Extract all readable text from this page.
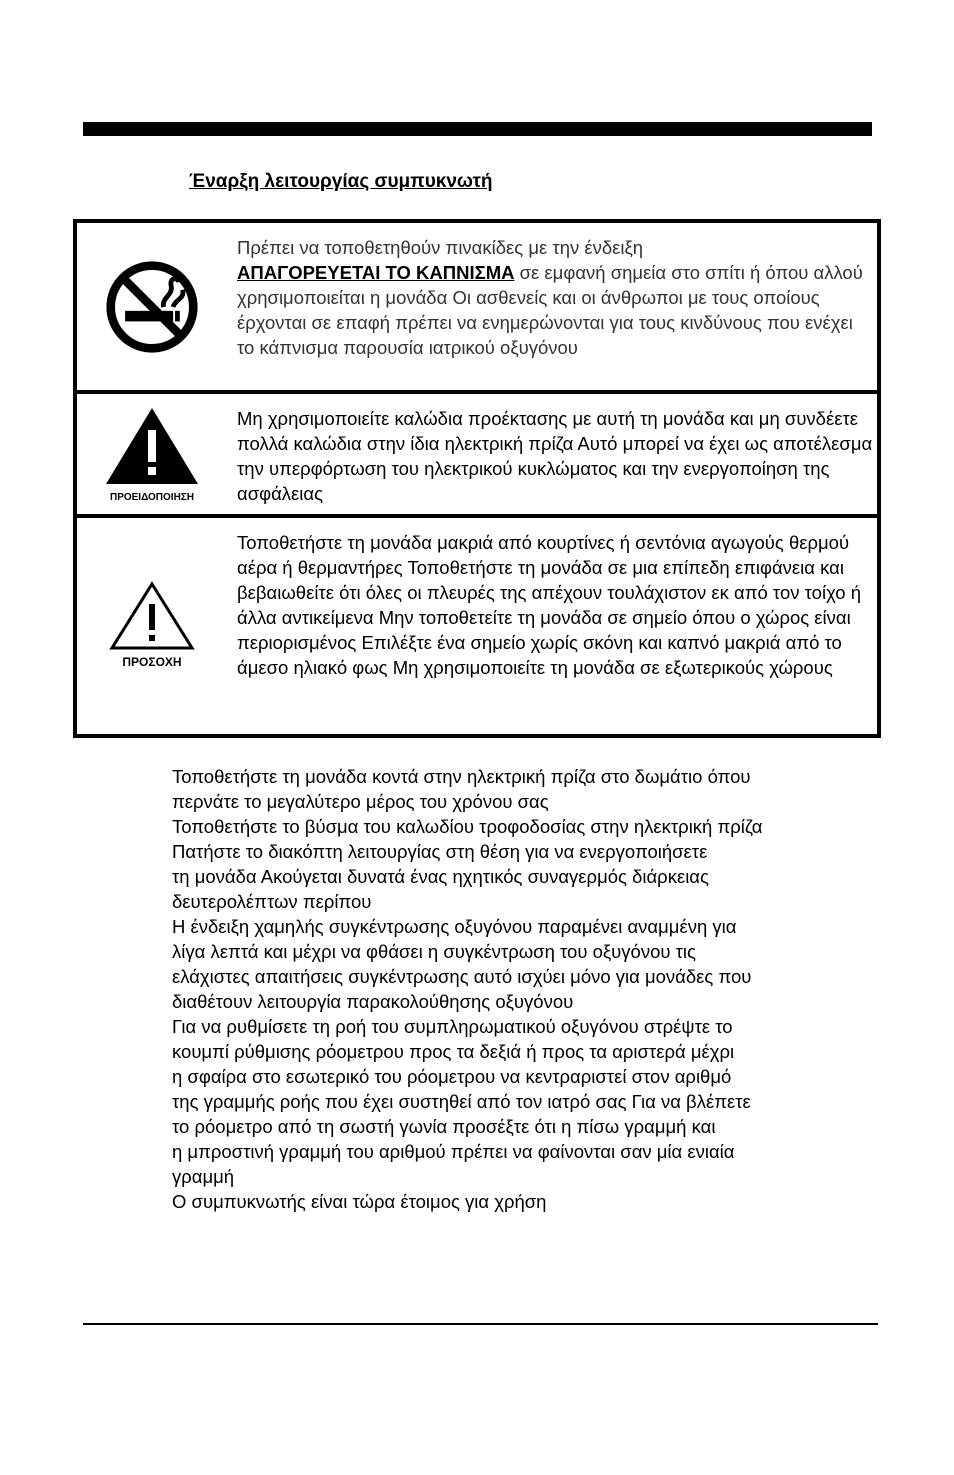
Έναρξη λειτουργίας συμπυκνωτή
Πρέπει να τοποθετηθούν πινακίδες με την ένδειξη
ΑΠΑΓΟΡΕΥΕΤΑΙ ΤΟ ΚΑΠΝΙΣΜΑ σε εμφανή σημεία στο σπίτι ή όπου αλλού χρησιμοποιείται η μονάδα Οι ασθενείς και οι άνθρωποι με τους οποίους έρχονται σε επαφή πρέπει να ενημερώνονται για τους κινδύνους που ενέχει το κάπνισμα παρουσία ιατρικού οξυγόνου
ΠΡΟΕΙΔΟΠΟΙΗΣΗ
Μη χρησιμοποιείτε καλώδια προέκτασης με αυτή τη μονάδα και μη συνδέετε πολλά καλώδια στην ίδια ηλεκτρική πρίζα Αυτό μπορεί να έχει ως αποτέλεσμα την υπερφόρτωση του ηλεκτρικού κυκλώματος και την ενεργοποίηση της ασφάλειας
ΠΡΟΣΟΧΗ
Τοποθετήστε τη μονάδα μακριά από κουρτίνες ή σεντόνια αγωγούς θερμού αέρα ή θερμαντήρες Τοποθετήστε τη μονάδα σε μια επίπεδη επιφάνεια και βεβαιωθείτε ότι όλες οι πλευρές της απέχουν τουλάχιστον εκ από τον τοίχο ή άλλα αντικείμενα Μην τοποθετείτε τη μονάδα σε σημείο όπου ο χώρος είναι περιορισμένος Επιλέξτε ένα σημείο χωρίς σκόνη και καπνό μακριά από το άμεσο ηλιακό φως Μη χρησιμοποιείτε τη μονάδα σε εξωτερικούς χώρους

Τοποθετήστε τη μονάδα κοντά στην ηλεκτρική πρίζα στο δωμάτιο όπου

περνάτε το μεγαλύτερο μέρος του χρόνου σας

Τοποθετήστε το βύσμα του καλωδίου τροφοδοσίας στην ηλεκτρική πρίζα

Πατήστε το διακόπτη λειτουργίας στη θέση για να ενεργοποιήσετε

τη μονάδα Ακούγεται δυνατά ένας ηχητικός συναγερμός διάρκειας

δευτερολέπτων περίπου

Η ένδειξη χαμηλής συγκέντρωσης οξυγόνου παραμένει αναμμένη για

λίγα λεπτά και μέχρι να φθάσει η συγκέντρωση του οξυγόνου τις

ελάχιστες απαιτήσεις συγκέντρωσης αυτό ισχύει μόνο για μονάδες που

διαθέτουν λειτουργία παρακολούθησης οξυγόνου

Για να ρυθμίσετε τη ροή του συμπληρωματικού οξυγόνου στρέψτε το

κουμπί ρύθμισης ρόομετρου προς τα δεξιά ή προς τα αριστερά μέχρι

η σφαίρα στο εσωτερικό του ρόομετρου να κεντραριστεί στον αριθμό

της γραμμής ροής που έχει συστηθεί από τον ιατρό σας Για να βλέπετε

το ρόομετρο από τη σωστή γωνία προσέξτε ότι η πίσω γραμμή και

η μπροστινή γραμμή του αριθμού πρέπει να φαίνονται σαν μία ενιαία

γραμμή

Ο συμπυκνωτής είναι τώρα έτοιμος για χρήση
